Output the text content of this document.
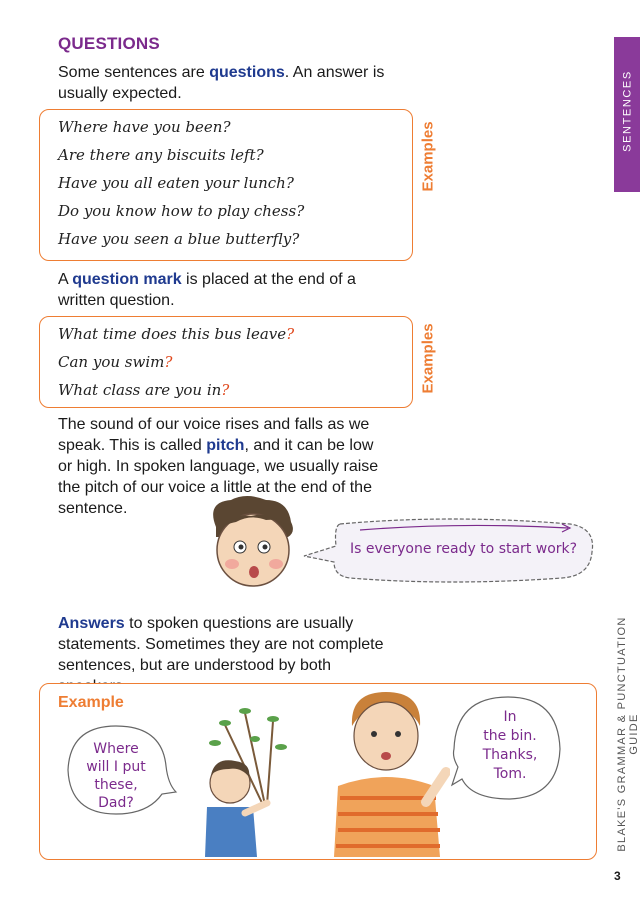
SENTENCES
QUESTIONS
Some sentences are questions. An answer is usually expected.
Where have you been?
Are there any biscuits left?
Have you all eaten your lunch?
Do you know how to play chess?
Have you seen a blue butterfly?
Examples
A question mark is placed at the end of a written question.
What time does this bus leave?
Can you swim?
What class are you in?	Examples
The sound of our voice rises and falls as we speak. This is called pitch, and it can be low or high. In spoken language, we usually raise the pitch of our voice a little at the end of the sentence.
Is everyone ready to start work?
Answers to spoken questions are usually statements. Sometimes they are not complete sentences, but are understood by both
Example
Where
will I put
these,
Dad?
In
the bin.
Thanks,
Tom.	BLAKE'S GRAMMAR & PUNCTUATION GUIDE
3
